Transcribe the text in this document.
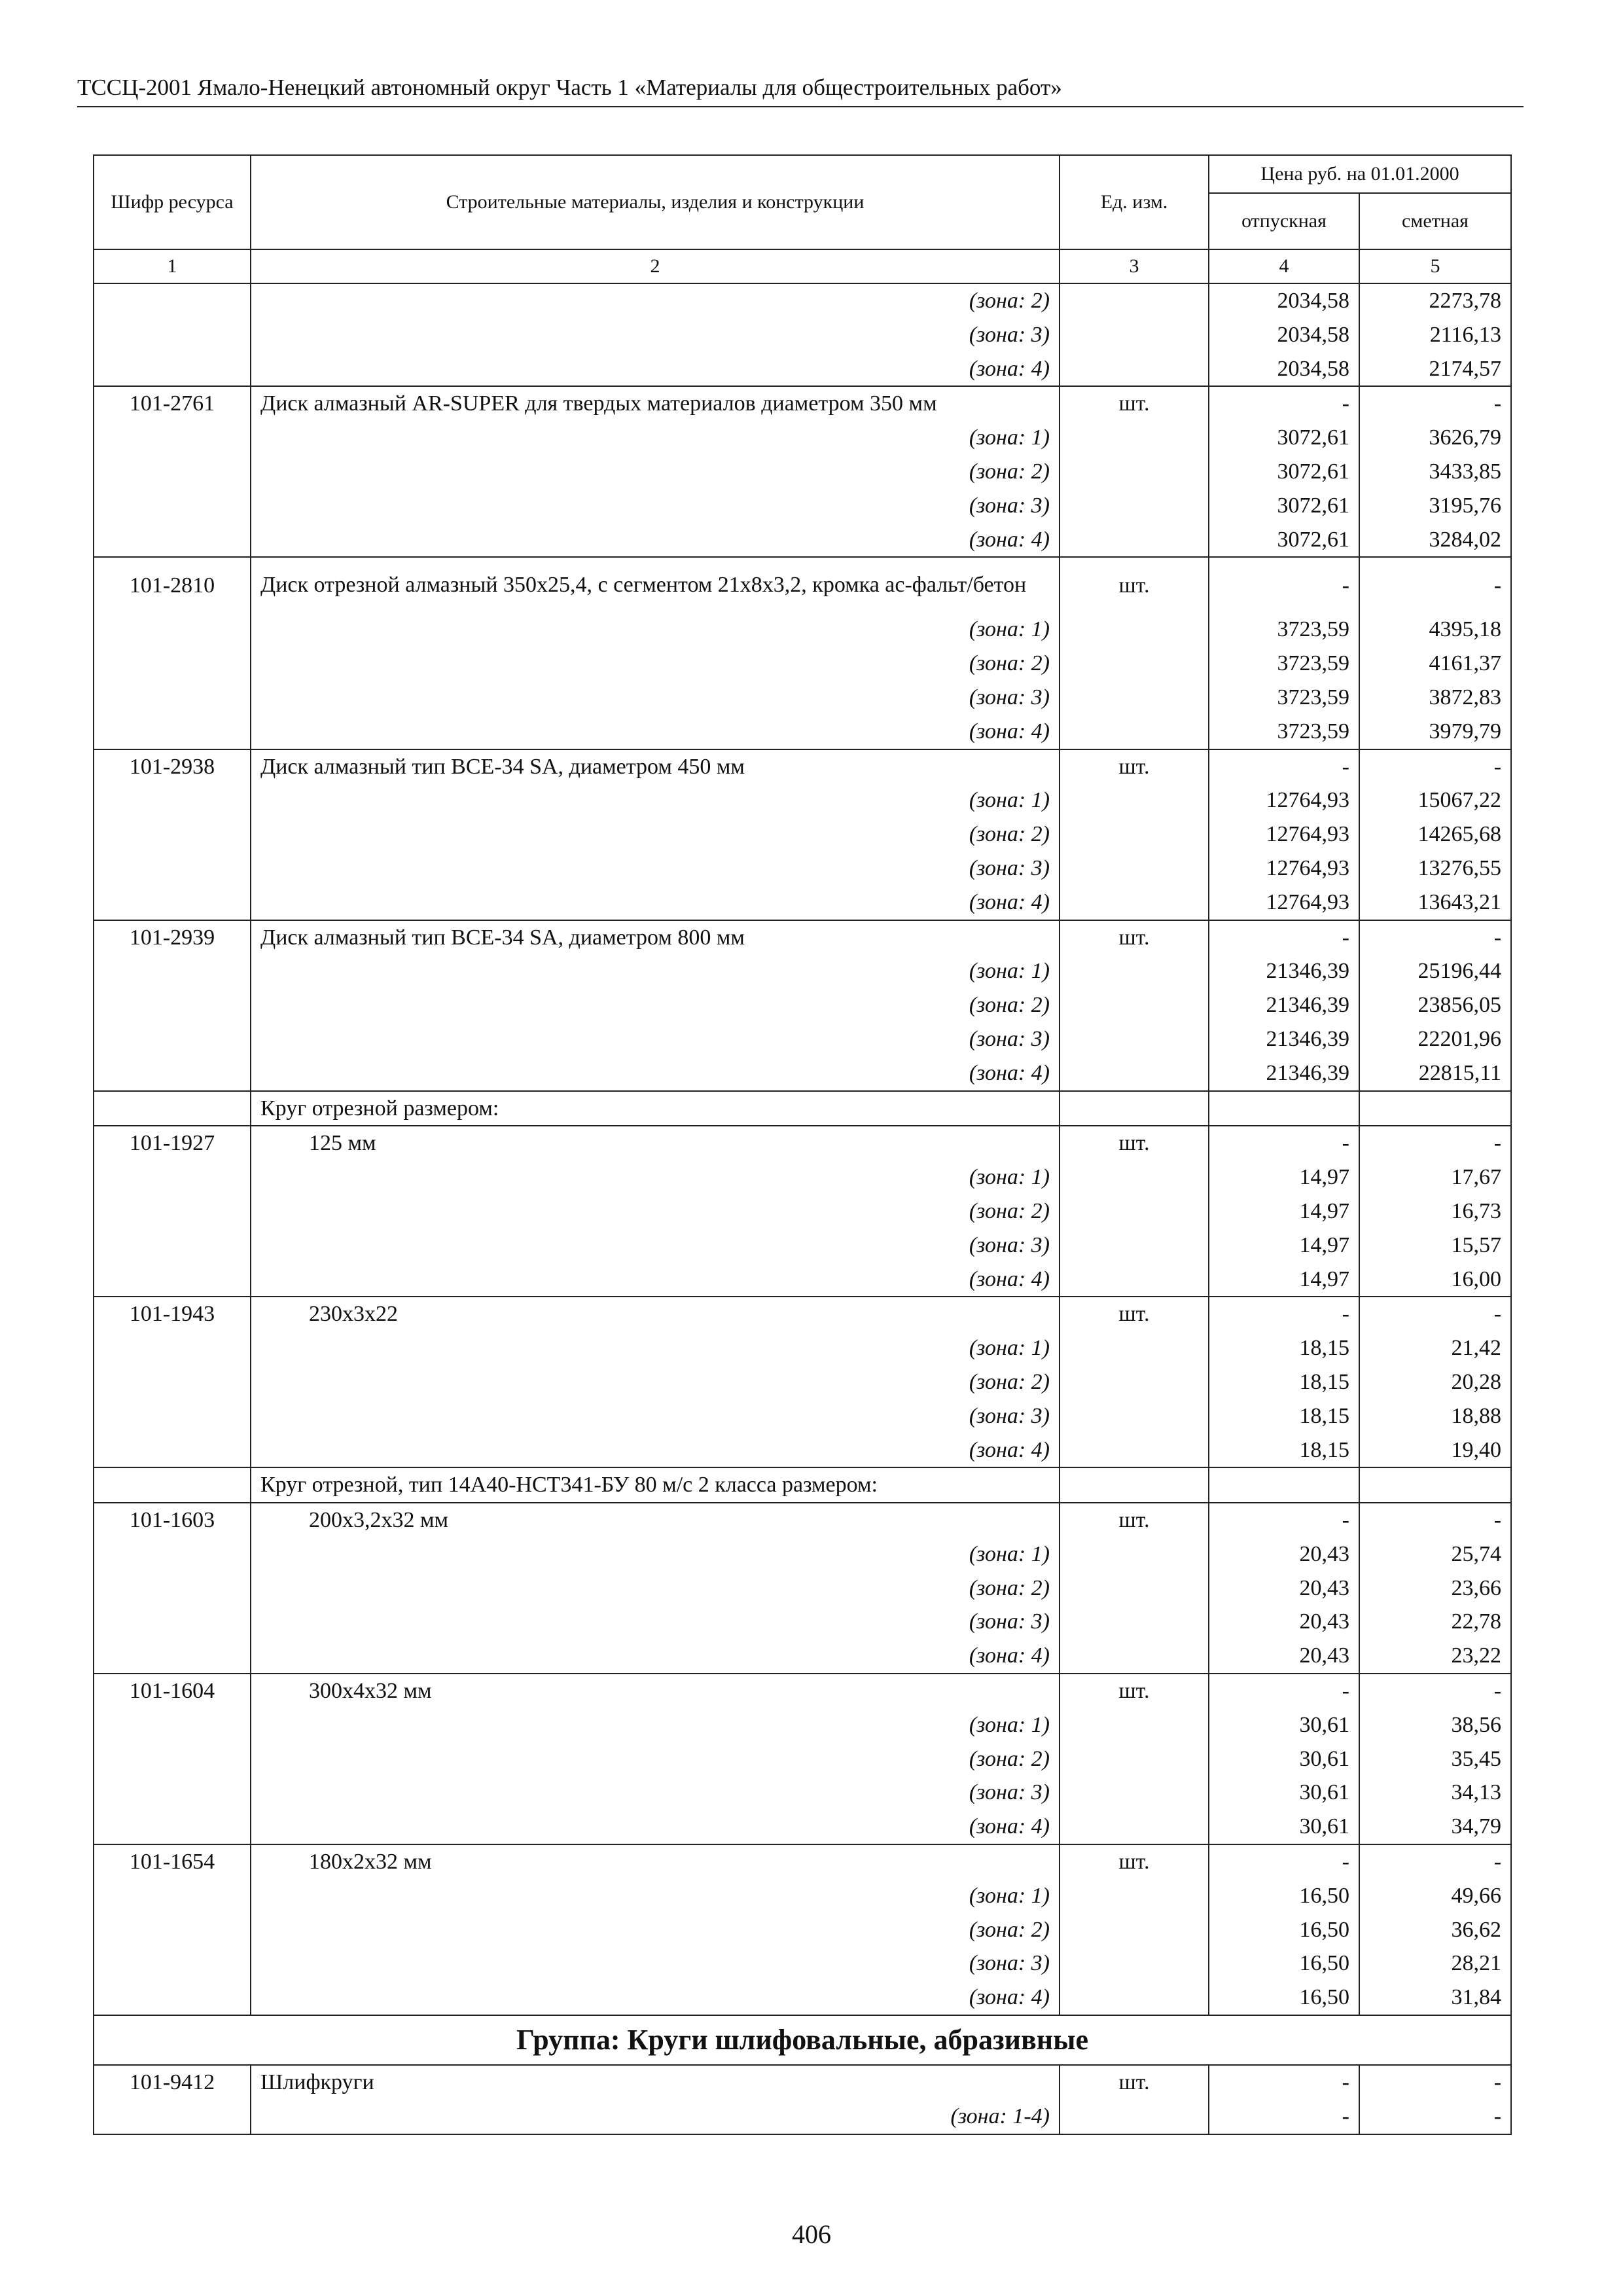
ТССЦ-2001 Ямало-Ненецкий автономный округ Часть 1 «Материалы для общестроительных работ»
Шифр ресурса	Строительные материалы, изделия и конструкции	Ед. изм.	Цена руб. на 01.01.2000	
			отпускная	сметная
1	2	3	4	5
	(зона: 2)		2034,58	2273,78
	(зона: 3)		2034,58	2116,13
	(зона: 4)		2034,58	2174,57
101-2761	Диск алмазный AR-SUPER для твердых материалов диаметром 350 мм	шт.	-	-
	(зона: 1)		3072,61	3626,79
	(зона: 2)		3072,61	3433,85
	(зона: 3)		3072,61	3195,76
	(зона: 4)		3072,61	3284,02
101-2810	Диск отрезной алмазный 350х25,4, с сегментом 21х8х3,2, кромка ас-фальт/бетон	шт.	-	-
	(зона: 1)		3723,59	4395,18
	(зона: 2)		3723,59	4161,37
	(зона: 3)		3723,59	3872,83
	(зона: 4)		3723,59	3979,79
101-2938	Диск алмазный тип BCE-34 SA, диаметром 450 мм	шт.	-	-
	(зона: 1)		12764,93	15067,22
	(зона: 2)		12764,93	14265,68
	(зона: 3)		12764,93	13276,55
	(зона: 4)		12764,93	13643,21
101-2939	Диск алмазный тип BCE-34 SA, диаметром 800 мм	шт.	-	-
	(зона: 1)		21346,39	25196,44
	(зона: 2)		21346,39	23856,05
	(зона: 3)		21346,39	22201,96
	(зона: 4)		21346,39	22815,11
	Круг отрезной размером:			
101-1927	125 мм	шт.	-	-
	(зона: 1)		14,97	17,67
	(зона: 2)		14,97	16,73
	(зона: 3)		14,97	15,57
	(зона: 4)		14,97	16,00
101-1943	230х3х22	шт.	-	-
	(зона: 1)		18,15	21,42
	(зона: 2)		18,15	20,28
	(зона: 3)		18,15	18,88
	(зона: 4)		18,15	19,40
	Круг отрезной, тип 14А40-НСТ341-БУ 80 м/с 2 класса размером:			
101-1603	200х3,2х32 мм	шт.	-	-
	(зона: 1)		20,43	25,74
	(зона: 2)		20,43	23,66
	(зона: 3)		20,43	22,78
	(зона: 4)		20,43	23,22
101-1604	300х4х32 мм	шт.	-	-
	(зона: 1)		30,61	38,56
	(зона: 2)		30,61	35,45
	(зона: 3)		30,61	34,13
	(зона: 4)		30,61	34,79
101-1654	180х2х32 мм	шт.	-	-
	(зона: 1)		16,50	49,66
	(зона: 2)		16,50	36,62
	(зона: 3)		16,50	28,21
	(зона: 4)		16,50	31,84
Группа: Круги шлифовальные, абразивные				
101-9412	Шлифкруги	шт.	-	-
	(зона: 1-4)		-	-
406
